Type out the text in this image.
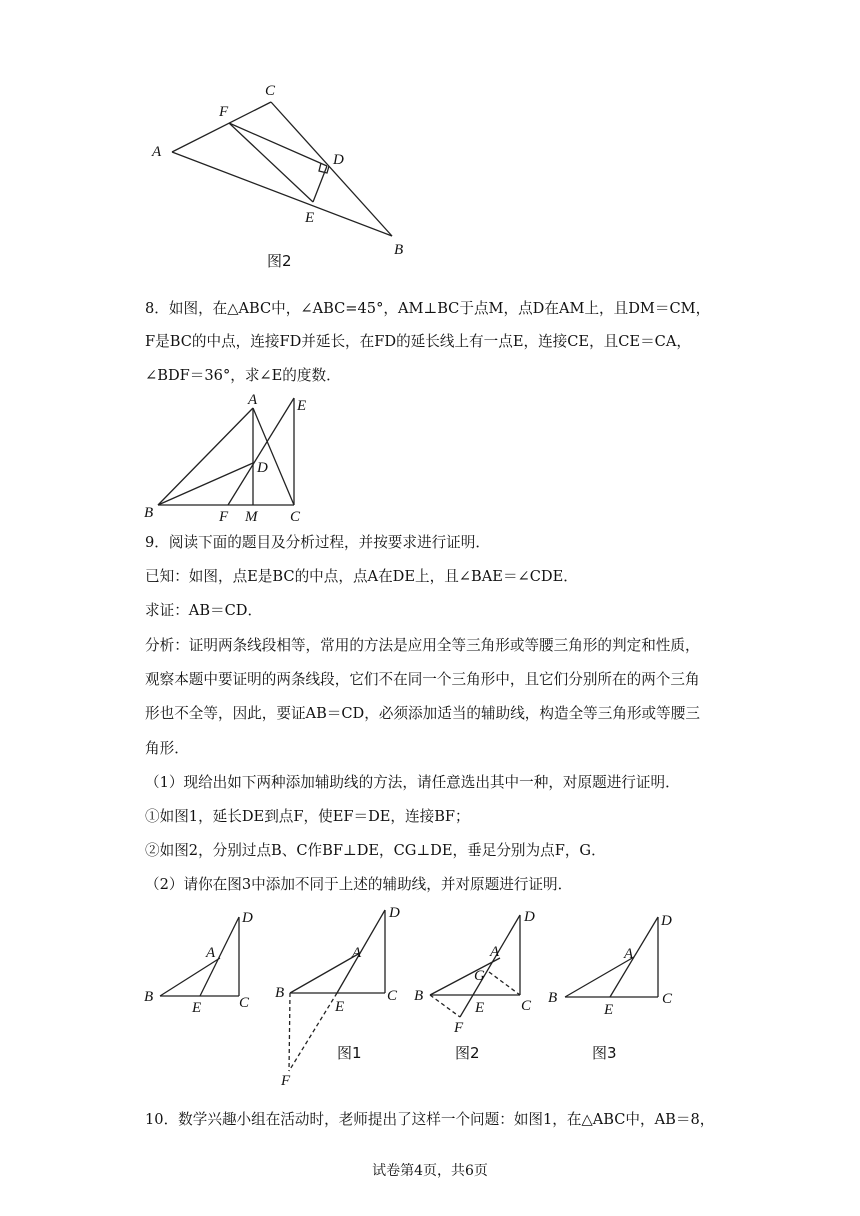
A
C
F
D
E
B
图2
8．如图，在△ABC中，∠ABC=45°，AM⊥BC于点M，点D在AM上，且DM＝CM，
F是BC的中点，连接FD并延长，在FD的延长线上有一点E，连接CE，且CE＝CA，
∠BDF＝36°，求∠E的度数．
A	E
D
B	F M C
9．阅读下面的题目及分析过程，并按要求进行证明．
已知：如图，点E是BC的中点，点A在DE上，且∠BAE＝∠CDE．
求证：AB＝CD．
分析：证明两条线段相等，常用的方法是应用全等三角形或等腰三角形的判定和性质，
观察本题中要证明的两条线段，它们不在同一个三角形中，且它们分别所在的两个三角
形也不全等，因此，要证AB＝CD，必须添加适当的辅助线，构造全等三角形或等腰三
角形．
（1）现给出如下两种添加辅助线的方法，请任意选出其中一种，对原题进行证明．
①如图1，延长DE到点F，使EF＝DE，连接BF；
②如图2，分别过点B、C作BF⊥DE，CG⊥DE，垂足分别为点F，G．
（2）请你在图3中添加不同于上述的辅助线，并对原题进行证明．
D
A
B
E	C
D
A
B
E
C
F
图1
D
A
G
B
E C
F
图2
D
A
B
E
C
图3
10．数学兴趣小组在活动时，老师提出了这样一个问题：如图1，在△ABC中，AB＝8，
试卷第4页，共6页
